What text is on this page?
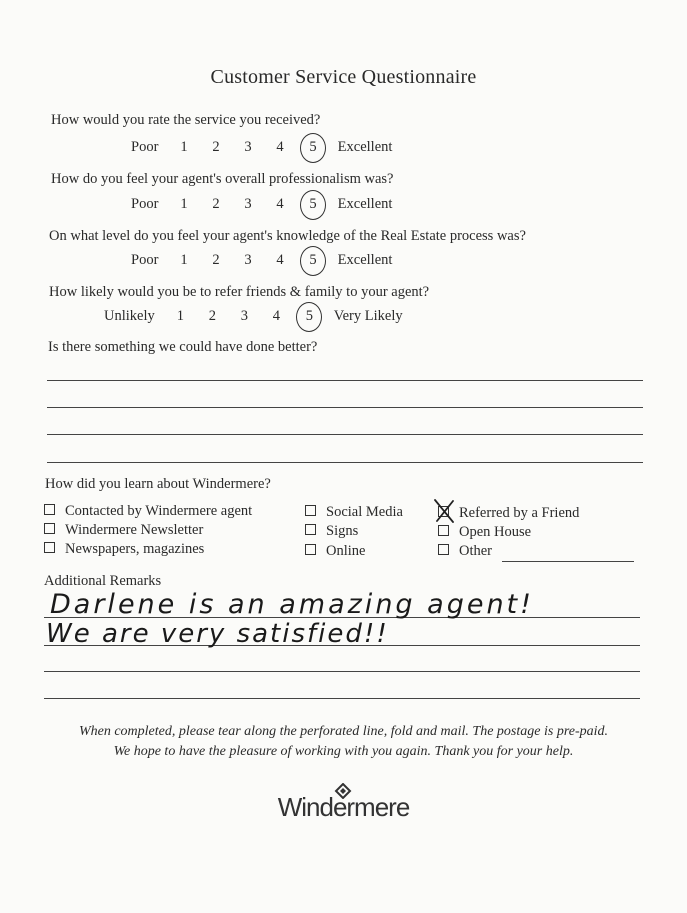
Customer Service Questionnaire
How would you rate the service you received?
Poor 1 2 3 4 5 Excellent
How do you feel your agent's overall professionalism was?
Poor 1 2 3 4 5 Excellent
On what level do you feel your agent's knowledge of the Real Estate process was?
Poor 1 2 3 4 5 Excellent
How likely would you be to refer friends & family to your agent?
Unlikely 1 2 3 4 5 Very Likely
Is there something we could have done better?
How did you learn about Windermere?
Contacted by Windermere agent
Windermere Newsletter
Newspapers, magazines
Social Media
Signs
Online
Referred by a Friend
Open House
Other
Additional Remarks
Darlene is an amazing agent!
We are very satisfied!!
When completed, please tear along the perforated line, fold and mail. The postage is pre-paid.
We hope to have the pleasure of working with you again. Thank you for your help.
Windermere
